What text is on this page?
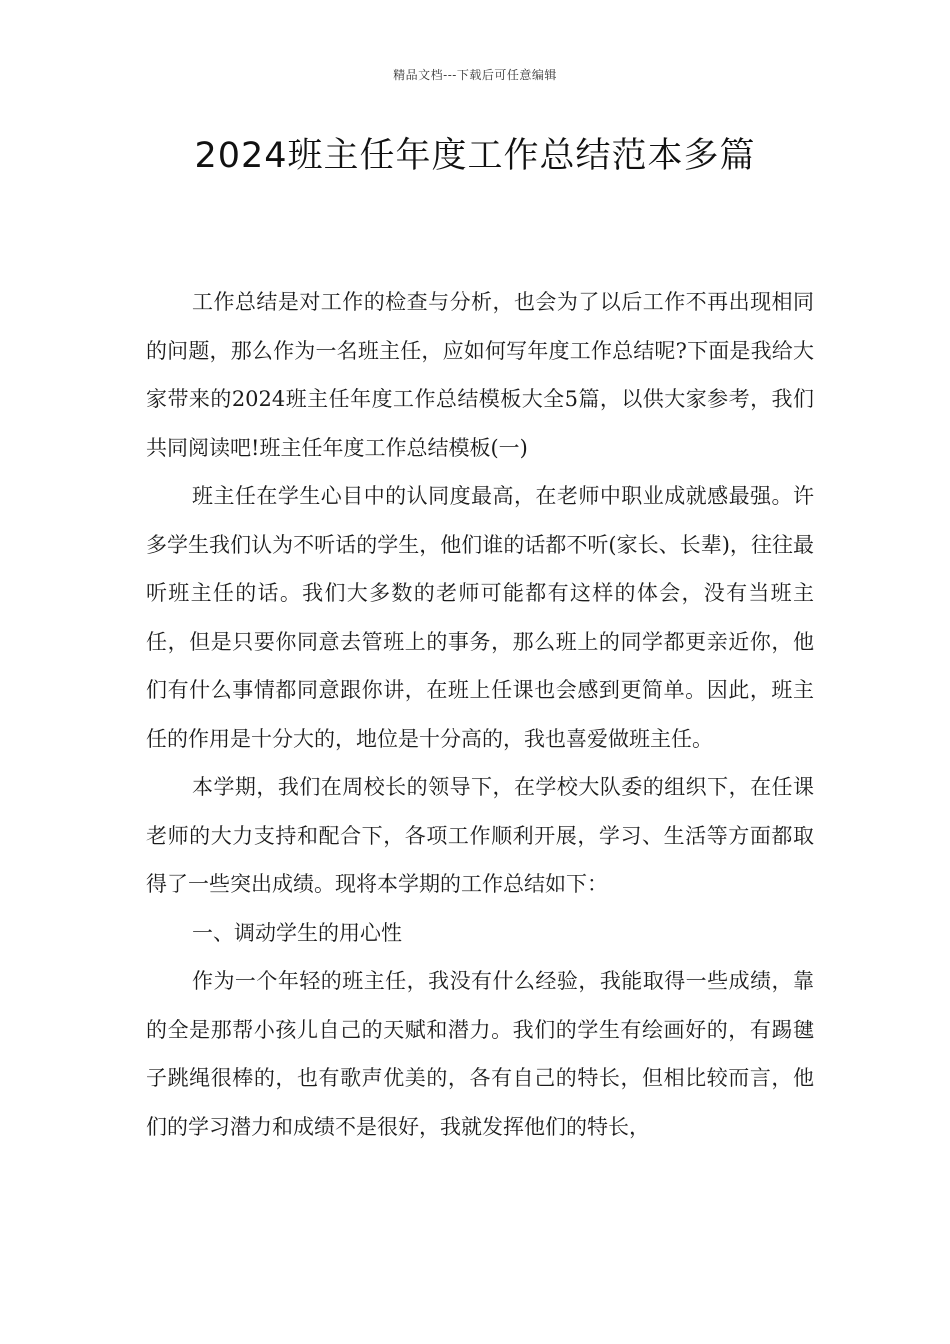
精品文档---下载后可任意编辑
2024班主任年度工作总结范本多篇

工作总结是对工作的检查与分析，也会为了以后工作不再出现相同的问题，那么作为一名班主任，应如何写年度工作总结呢?下面是我给大家带来的2024班主任年度工作总结模板大全5篇，以供大家参考，我们共同阅读吧!班主任年度工作总结模板(一)

班主任在学生心目中的认同度最高，在老师中职业成就感最强。许多学生我们认为不听话的学生，他们谁的话都不听(家长、长辈)，往往最听班主任的话。我们大多数的老师可能都有这样的体会，没有当班主任，但是只要你同意去管班上的事务，那么班上的同学都更亲近你，他们有什么事情都同意跟你讲，在班上任课也会感到更简单。因此，班主任的作用是十分大的，地位是十分高的，我也喜爱做班主任。

本学期，我们在周校长的领导下，在学校大队委的组织下，在任课老师的大力支持和配合下，各项工作顺利开展，学习、生活等方面都取得了一些突出成绩。现将本学期的工作总结如下：

一、调动学生的用心性

作为一个年轻的班主任，我没有什么经验，我能取得一些成绩，靠的全是那帮小孩儿自己的天赋和潜力。我们的学生有绘画好的，有踢毽子跳绳很棒的，也有歌声优美的，各有自己的特长，但相比较而言，他们的学习潜力和成绩不是很好，我就发挥他们的特长，
